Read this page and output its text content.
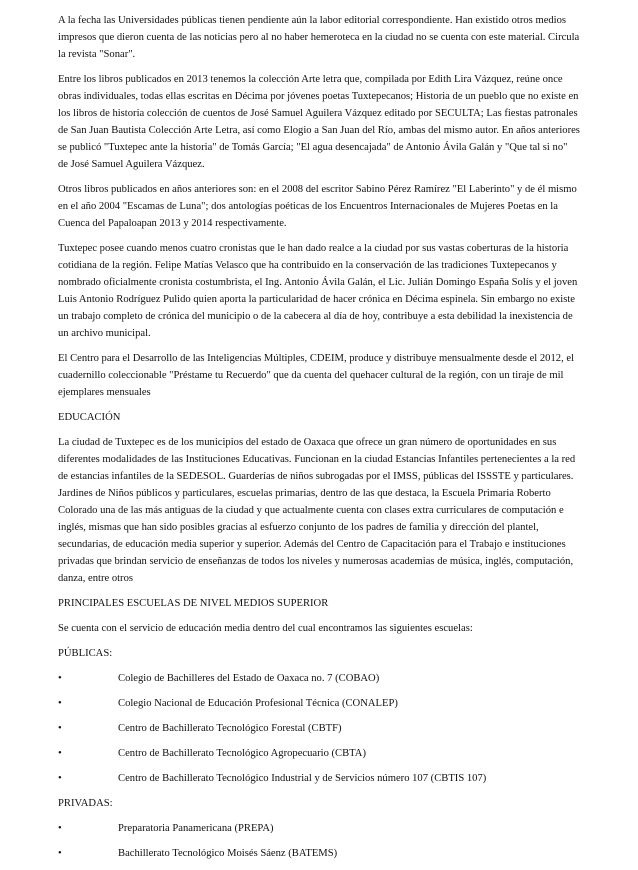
A la fecha las Universidades públicas tienen pendiente aún la labor editorial correspondiente. Han existido otros medios impresos que dieron cuenta de las noticias pero al no haber hemeroteca en la ciudad no se cuenta con este material. Circula la revista "Sonar".

Entre los libros publicados en 2013 tenemos la colección Arte letra que, compilada por Edith Lira Vázquez, reúne once obras individuales, todas ellas escritas en Décima por jóvenes poetas Tuxtepecanos; Historia de un pueblo que no existe en los libros de historia colección de cuentos de José Samuel Aguilera Vázquez editado por SECULTA; Las fiestas patronales de San Juan Bautista Colección Arte Letra, así como Elogio a San Juan del Río, ambas del mismo autor. En años anteriores se publicó "Tuxtepec ante la historia" de Tomás García; "El agua desencajada" de Antonio Ávila Galán y "Que tal si no" de José Samuel Aguilera Vázquez.

Otros libros publicados en años anteriores son: en el 2008 del escritor Sabino Pérez Ramírez "El Laberinto" y de él mismo en el año 2004 "Escamas de Luna"; dos antologías poéticas de los Encuentros Internacionales de Mujeres Poetas en la Cuenca del Papaloapan 2013 y 2014 respectivamente.

Tuxtepec posee cuando menos cuatro cronistas que le han dado realce a la ciudad por sus vastas coberturas de la historia cotidiana de la región. Felipe Matías Velasco que ha contribuido en la conservación de las tradiciones Tuxtepecanos y nombrado oficialmente cronista costumbrista, el Ing. Antonio Ávila Galán, el Lic. Julián Domingo España Solís y el joven Luis Antonio Rodríguez Pulido quien aporta la particularidad de hacer crónica en Décima espinela. Sin embargo no existe un trabajo completo de crónica del municipio o de la cabecera al día de hoy, contribuye a esta debilidad la inexistencia de un archivo municipal.

El Centro para el Desarrollo de las Inteligencias Múltiples, CDEIM, produce y distribuye mensualmente desde el 2012, el cuadernillo coleccionable "Préstame tu Recuerdo" que da cuenta del quehacer cultural de la región, con un tiraje de mil ejemplares mensuales

EDUCACIÓN

La ciudad de Tuxtepec es de los municipios del estado de Oaxaca que ofrece un gran número de oportunidades en sus diferentes modalidades de las Instituciones Educativas. Funcionan en la ciudad Estancias Infantiles pertenecientes a la red de estancias infantiles de la SEDESOL. Guarderías de niños subrogadas por el IMSS, públicas del ISSSTE y particulares. Jardines de Niños públicos y particulares, escuelas primarias, dentro de las que destaca, la Escuela Primaria Roberto Colorado una de las más antiguas de la ciudad y que actualmente cuenta con clases extra curriculares de computación e inglés, mismas que han sido posibles gracias al esfuerzo conjunto de los padres de familia y dirección del plantel, secundarias, de educación media superior y superior. Además del Centro de Capacitación para el Trabajo e instituciones privadas que brindan servicio de enseñanzas de todos los niveles y numerosas academias de música, inglés, computación, danza, entre otros

PRINCIPALES ESCUELAS DE NIVEL MEDIOS SUPERIOR

Se cuenta con el servicio de educación media dentro del cual encontramos las siguientes escuelas:

PÚBLICAS:

•	Colegio de Bachilleres del Estado de Oaxaca no. 7 (COBAO)
•	Colegio Nacional de Educación Profesional Técnica (CONALEP)
•	Centro de Bachillerato Tecnológico Forestal (CBTF)
•	Centro de Bachillerato Tecnológico Agropecuario (CBTA)
•	Centro de Bachillerato Tecnológico Industrial y de Servicios número 107 (CBTIS 107)

PRIVADAS:

•	Preparatoria Panamericana (PREPA)
•	Bachillerato Tecnológico Moisés Sáenz (BATEMS)
